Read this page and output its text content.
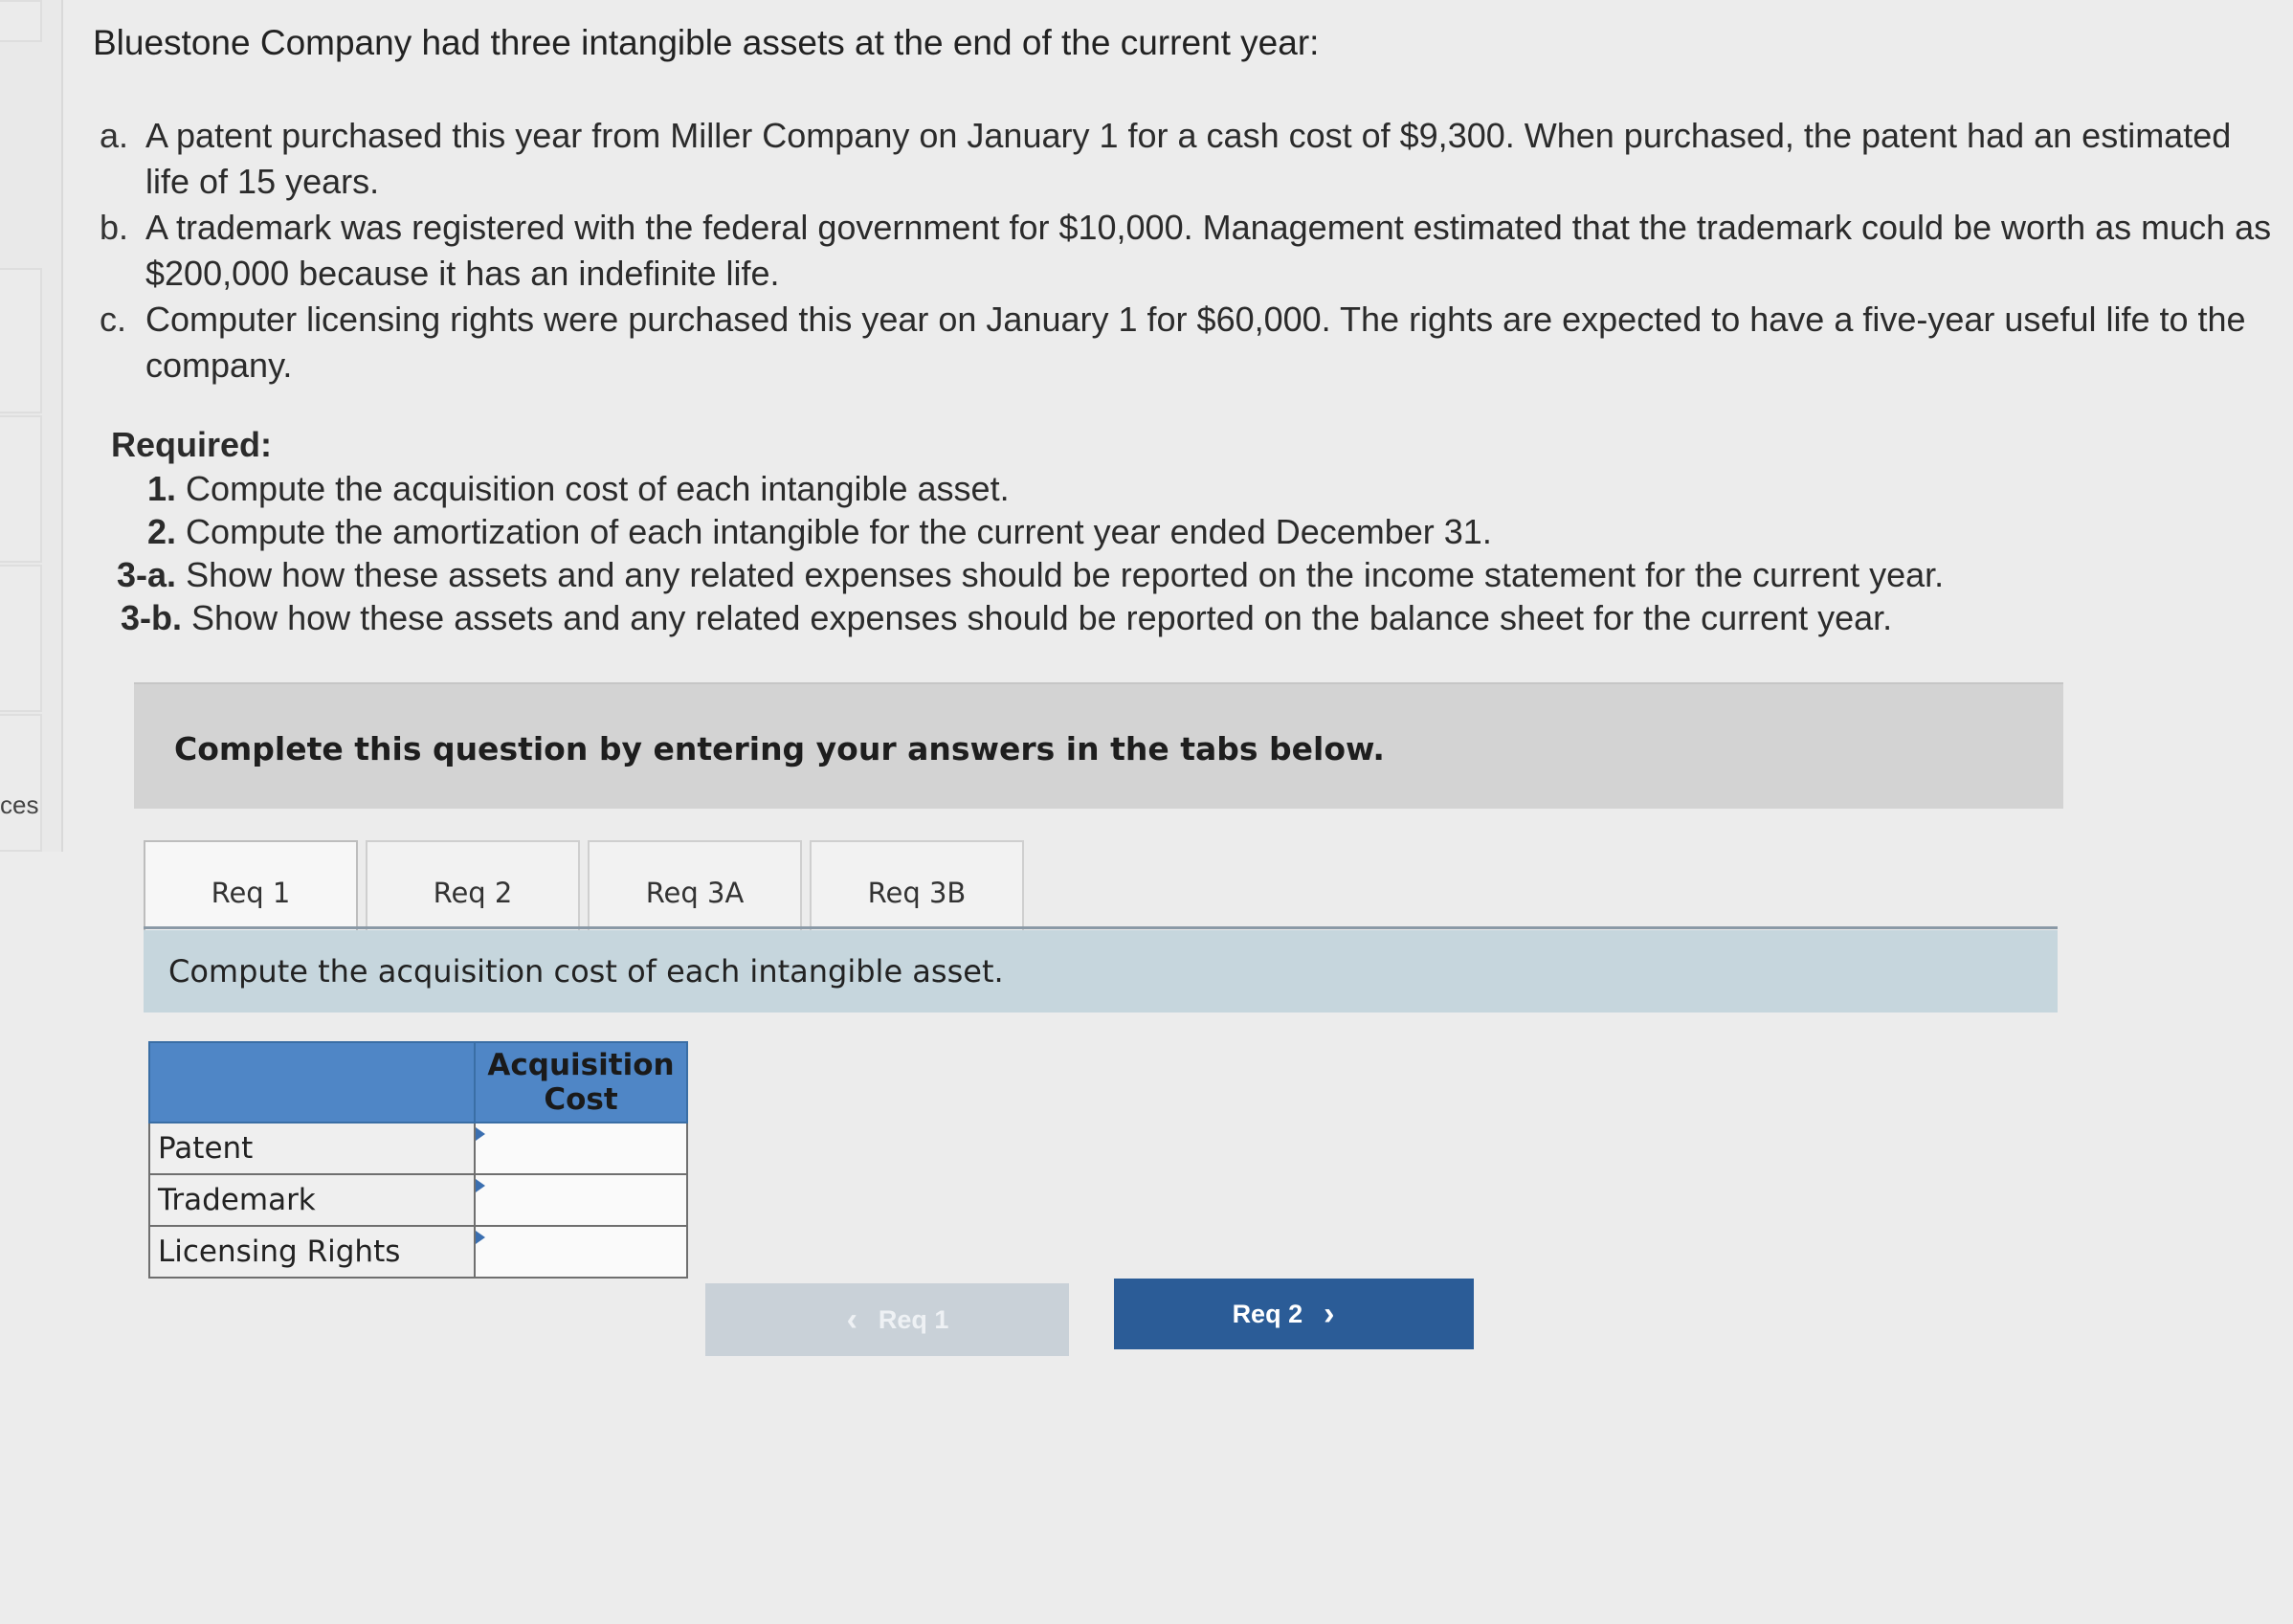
ces
Bluestone Company had three intangible assets at the end of the current year:
a. A patent purchased this year from Miller Company on January 1 for a cash cost of $9,300. When purchased, the patent had an estimated life of 15 years.
b. A trademark was registered with the federal government for $10,000. Management estimated that the trademark could be worth as much as $200,000 because it has an indefinite life.
c. Computer licensing rights were purchased this year on January 1 for $60,000. The rights are expected to have a five-year useful life to the company.
Required:
1. Compute the acquisition cost of each intangible asset.
2. Compute the amortization of each intangible for the current year ended December 31.
3-a. Show how these assets and any related expenses should be reported on the income statement for the current year.
3-b. Show how these assets and any related expenses should be reported on the balance sheet for the current year.
Complete this question by entering your answers in the tabs below.
Req 1	Req 2	Req 3A	Req 3B
Compute the acquisition cost of each intangible asset.
	Acquisition Cost
Patent	

Trademark	

Licensing Rights	
‹ Req 1	Req 2 ›
